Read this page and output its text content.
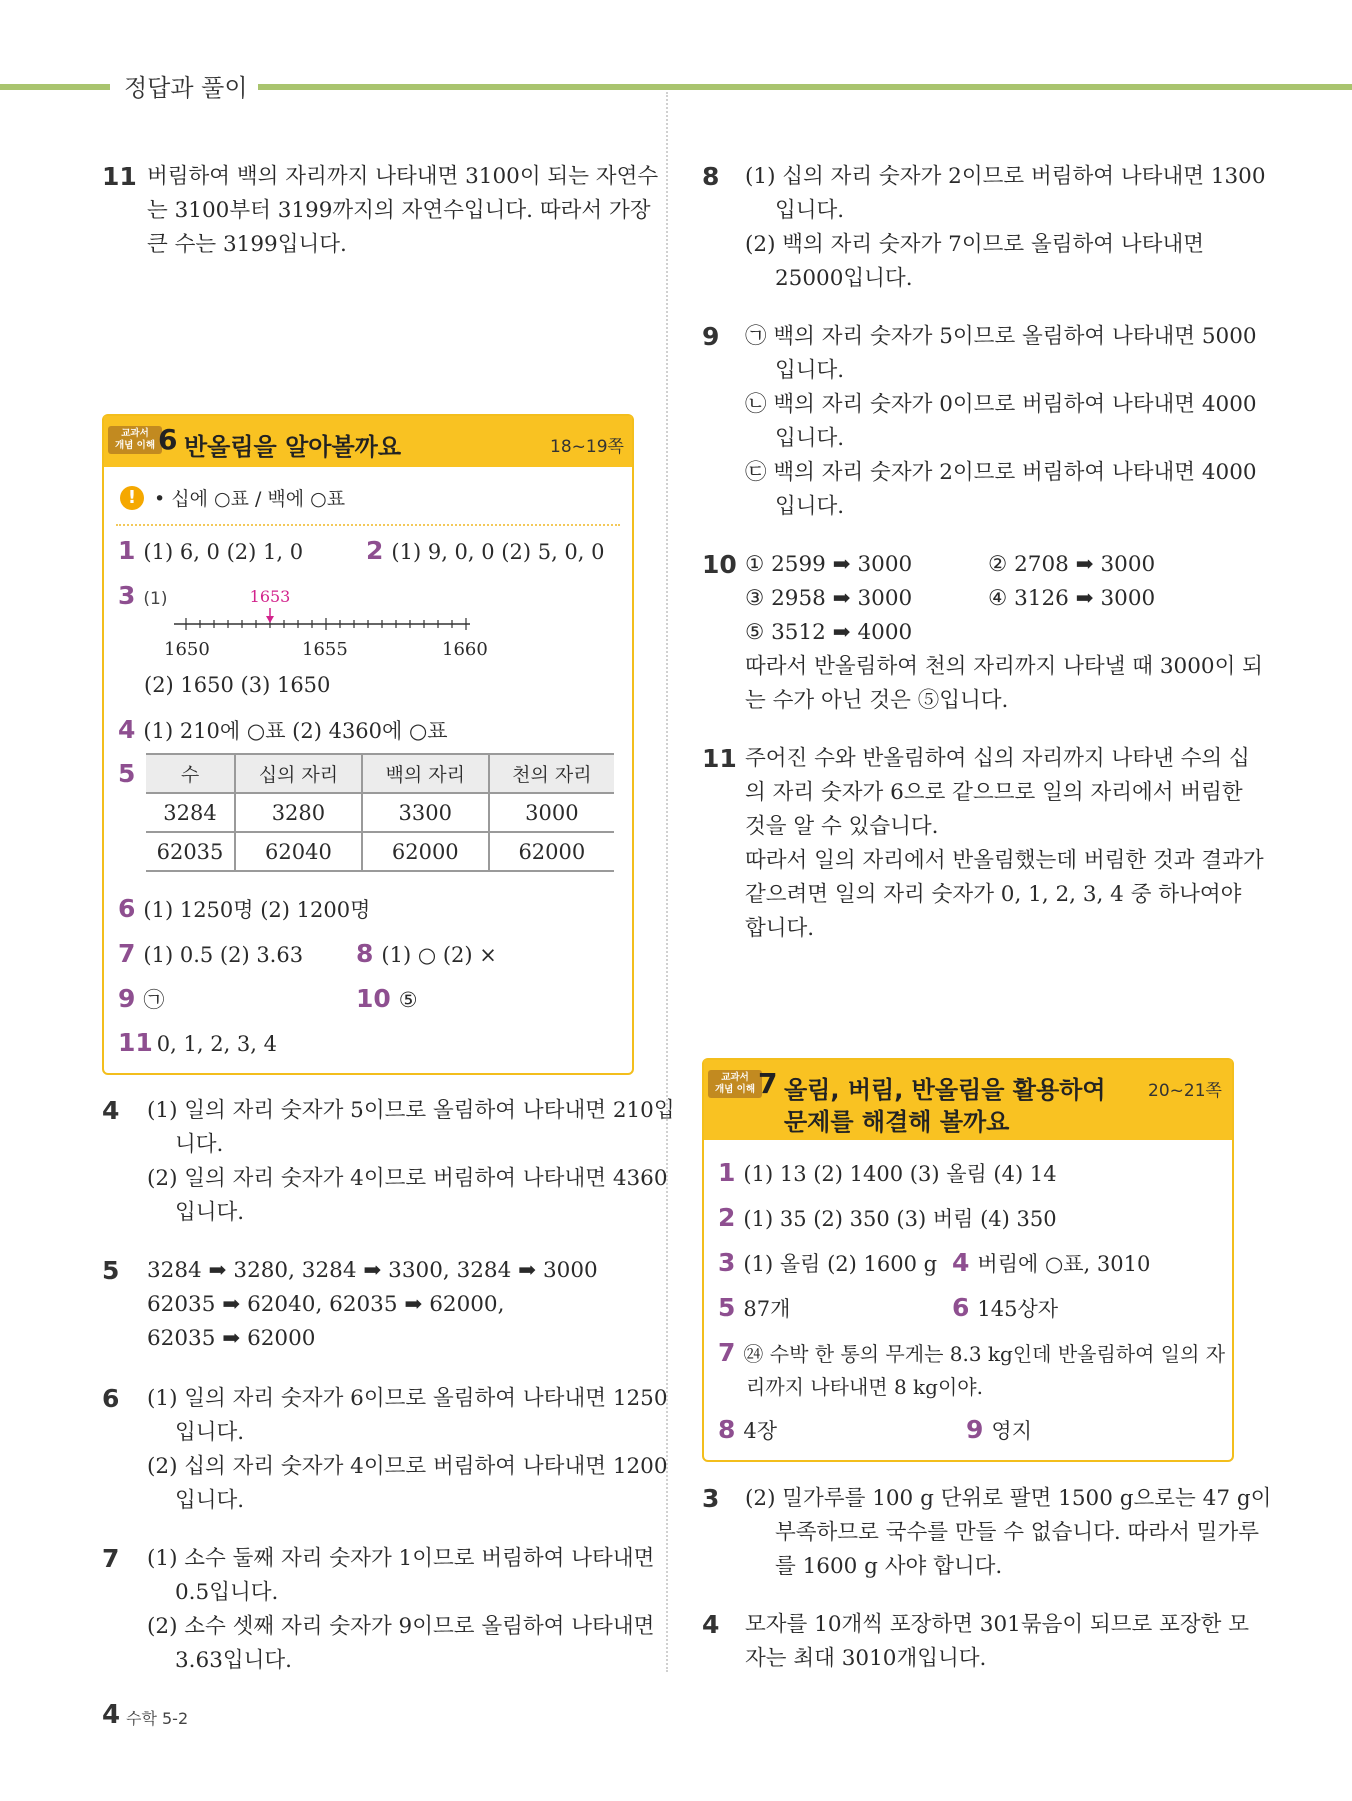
정답과 풀이
11 버림하여 백의 자리까지 나타내면 3100이 되는 자연수
는 3100부터 3199까지의 자연수입니다. 따라서 가장
큰 수는 3199입니다.
교과서
개념 이해 6 반올림을 알아볼까요	18~19쪽
! • 십에 ○표 / 백에 ○표
1 (1) 6, 0 (2) 1, 0	2 (1) 9, 0, 0 (2) 5, 0, 0
3 (1)	1653
1650	1655	1660
(2) 1650 (3) 1650
4 (1) 210에 ○표 (2) 4360에 ○표
5	수	십의 자리	백의 자리	천의 자리
3284	3280	3300	3000
62035	62040	62000	62000
6 (1) 1250명 (2) 1200명
7 (1) 0.5 (2) 3.63 8 (1) ○ (2) ×
9 ㉠	10 ⑤
11 0, 1, 2, 3, 4
4 (1) 일의 자리 숫자가 5이므로 올림하여 나타내면 210입
니다.
(2) 일의 자리 숫자가 4이므로 버림하여 나타내면 4360
입니다.
5 3284 ➡ 3280, 3284 ➡ 3300, 3284 ➡ 3000
62035 ➡ 62040, 62035 ➡ 62000,
62035 ➡ 62000
6 (1) 일의 자리 숫자가 6이므로 올림하여 나타내면 1250
입니다.
(2) 십의 자리 숫자가 4이므로 버림하여 나타내면 1200
입니다.
7 (1) 소수 둘째 자리 숫자가 1이므로 버림하여 나타내면
0.5입니다.
(2) 소수 셋째 자리 숫자가 9이므로 올림하여 나타내면
3.63입니다.
8 (1) 십의 자리 숫자가 2이므로 버림하여 나타내면 1300
입니다.
(2) 백의 자리 숫자가 7이므로 올림하여 나타내면
25000입니다.
9 ㉠ 백의 자리 숫자가 5이므로 올림하여 나타내면 5000
입니다.
㉡ 백의 자리 숫자가 0이므로 버림하여 나타내면 4000
입니다.
㉢ 백의 자리 숫자가 2이므로 버림하여 나타내면 4000
입니다.
10 ① 2599 ➡ 3000	② 2708 ➡ 3000
③ 2958 ➡ 3000	④ 3126 ➡ 3000
⑤ 3512 ➡ 4000
따라서 반올림하여 천의 자리까지 나타낼 때 3000이 되
는 수가 아닌 것은 ⑤입니다.
11 주어진 수와 반올림하여 십의 자리까지 나타낸 수의 십
의 자리 숫자가 6으로 같으므로 일의 자리에서 버림한
것을 알 수 있습니다.
따라서 일의 자리에서 반올림했는데 버림한 것과 결과가
같으려면 일의 자리 숫자가 0, 1, 2, 3, 4 중 하나여야
합니다.
교과서
개념 이해 7 올림, 버림, 반올림을 활용하여
문제를 해결해 볼까요
20~21쪽
1 (1) 13 (2) 1400 (3) 올림 (4) 14
2 (1) 35 (2) 350 (3) 버림 (4) 350
3 (1) 올림 (2) 1600 g 4 버림에 ○표, 3010
5 87개	6 145상자
7 ㉔ 수박 한 통의 무게는 8.3 kg인데 반올림하여 일의 자
리까지 나타내면 8 kg이야.
8 4장	9 영지
3 (2) 밀가루를 100 g 단위로 팔면 1500 g으로는 47 g이
부족하므로 국수를 만들 수 없습니다. 따라서 밀가루
를 1600 g 사야 합니다.
4 모자를 10개씩 포장하면 301묶음이 되므로 포장한 모
자는 최대 3010개입니다.
4 수학 5-2
